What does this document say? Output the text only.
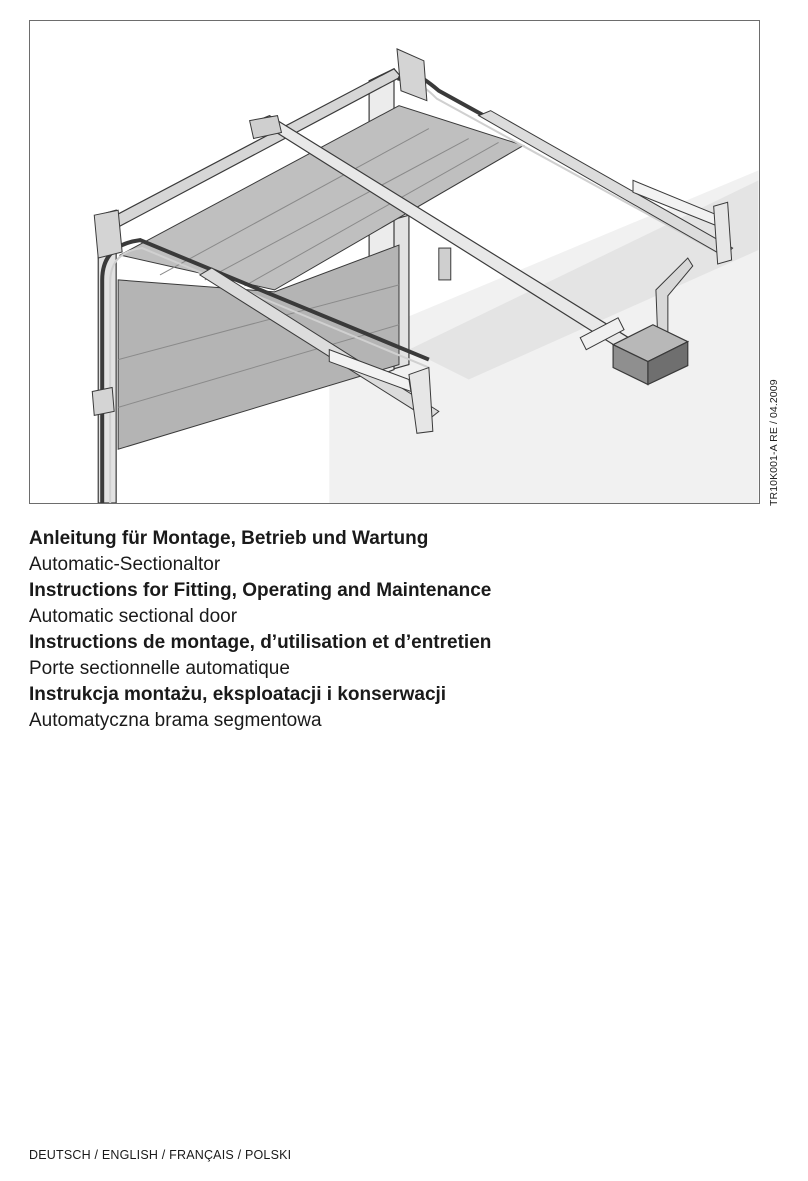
TR10K001-A RE / 04.2009

Anleitung für Montage, Betrieb und Wartung

Automatic-Sectionaltor

Instructions for Fitting, Operating and Maintenance

Automatic sectional door

Instructions de montage, d’utilisation et d’entretien

Porte sectionnelle automatique

Instrukcja montażu, eksploatacji i konserwacji

Automatyczna brama segmentowa

DEUTSCH / ENGLISH / FRANÇAIS / POLSKI
